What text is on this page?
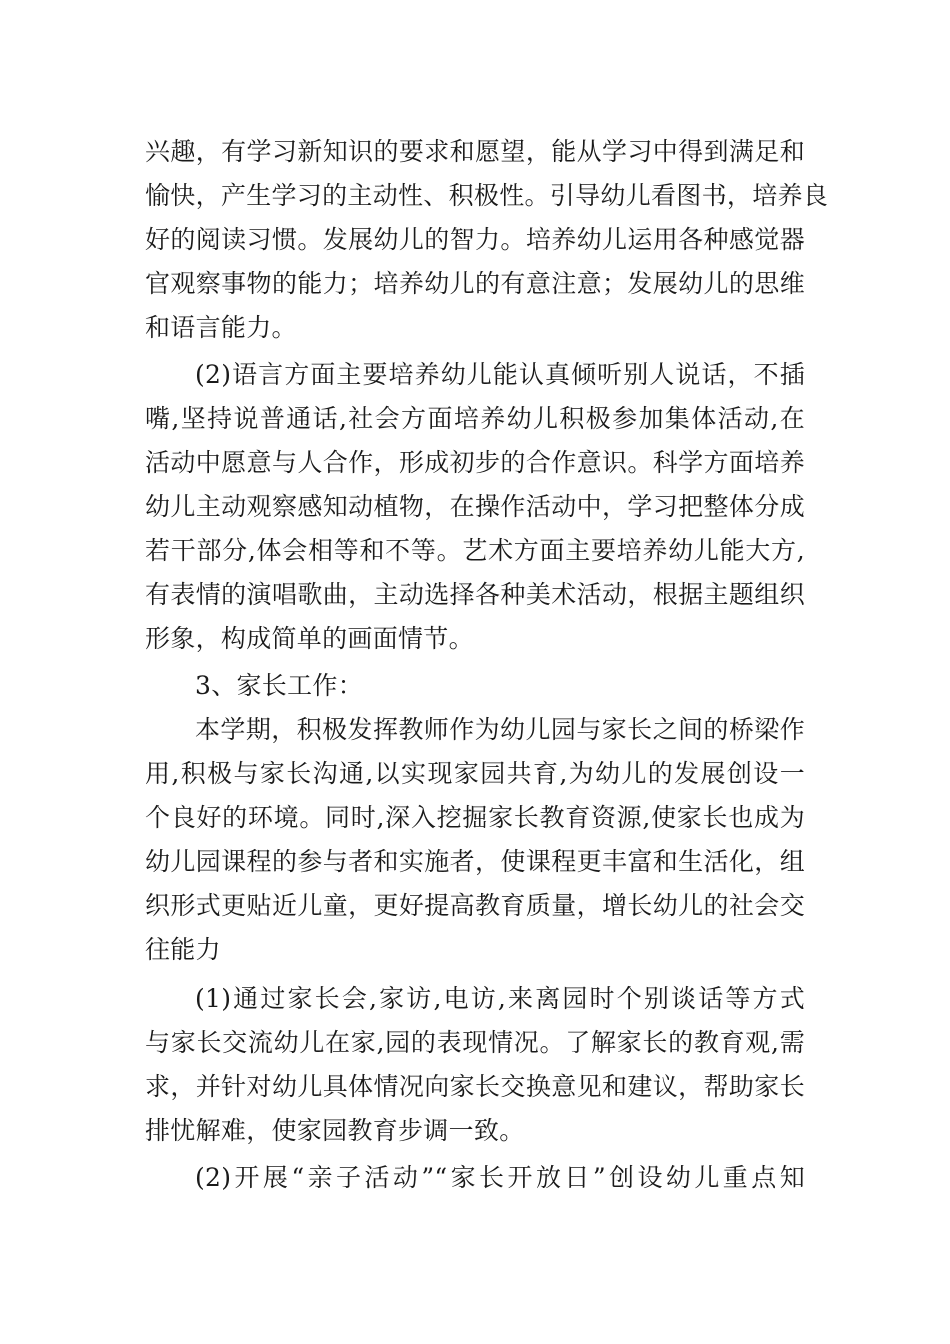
兴趣，有学习新知识的要求和愿望，能从学习中得到满足和
愉快，产生学习的主动性、积极性。引导幼儿看图书，培养良
好的阅读习惯。发展幼儿的智力。培养幼儿运用各种感觉器
官观察事物的能力；培养幼儿的有意注意；发展幼儿的思维
和语言能力。
(2)语言方面主要培养幼儿能认真倾听别人说话，不插
嘴,坚持说普通话,社会方面培养幼儿积极参加集体活动,在
活动中愿意与人合作，形成初步的合作意识。科学方面培养
幼儿主动观察感知动植物，在操作活动中，学习把整体分成
若干部分,体会相等和不等。艺术方面主要培养幼儿能大方,
有表情的演唱歌曲，主动选择各种美术活动，根据主题组织
形象，构成简单的画面情节。
3、家长工作：
本学期，积极发挥教师作为幼儿园与家长之间的桥梁作
用,积极与家长沟通,以实现家园共育,为幼儿的发展创设一
个良好的环境。同时,深入挖掘家长教育资源,使家长也成为
幼儿园课程的参与者和实施者，使课程更丰富和生活化，组
织形式更贴近儿童，更好提高教育质量，增长幼儿的社会交
往能力
(1)通过家长会,家访,电访,来离园时个别谈话等方式
与家长交流幼儿在家,园的表现情况。了解家长的教育观,需
求，并针对幼儿具体情况向家长交换意见和建议，帮助家长
排忧解难，使家园教育步调一致。
(2)开展“亲子活动”“家长开放日”创设幼儿重点知
